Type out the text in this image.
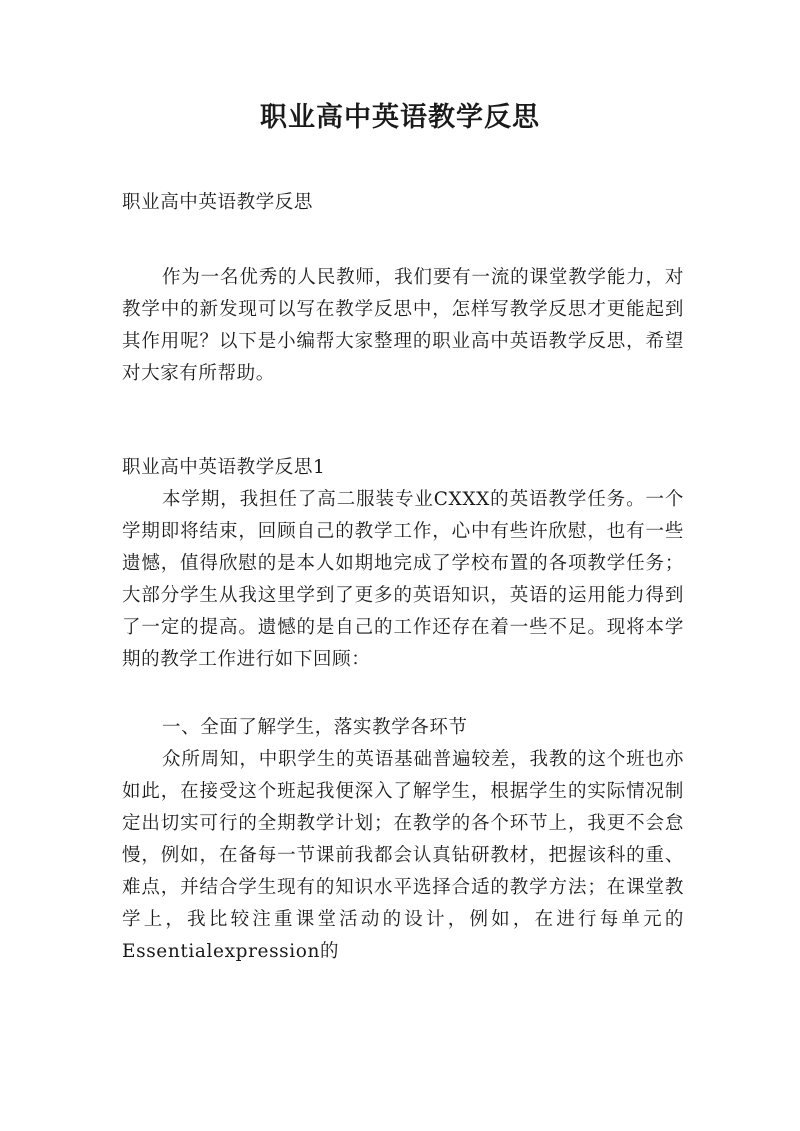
职业高中英语教学反思

职业高中英语教学反思

作为一名优秀的人民教师，我们要有一流的课堂教学能力，对教学中的新发现可以写在教学反思中，怎样写教学反思才更能起到其作用呢？以下是小编帮大家整理的职业高中英语教学反思，希望对大家有所帮助。

职业高中英语教学反思1

本学期，我担任了高二服装专业CXXX的英语教学任务。一个学期即将结束，回顾自己的教学工作，心中有些许欣慰，也有一些遗憾，值得欣慰的是本人如期地完成了学校布置的各项教学任务；大部分学生从我这里学到了更多的英语知识，英语的运用能力得到了一定的提高。遗憾的是自己的工作还存在着一些不足。现将本学期的教学工作进行如下回顾：

一、全面了解学生，落实教学各环节

众所周知，中职学生的英语基础普遍较差，我教的这个班也亦如此，在接受这个班起我便深入了解学生，根据学生的实际情况制定出切实可行的全期教学计划；在教学的各个环节上，我更不会怠慢，例如，在备每一节课前我都会认真钻研教材，把握该科的重、难点，并结合学生现有的知识水平选择合适的教学方法；在课堂教学上，我比较注重课堂活动的设计，例如，在进行每单元的Essentialexpression的
